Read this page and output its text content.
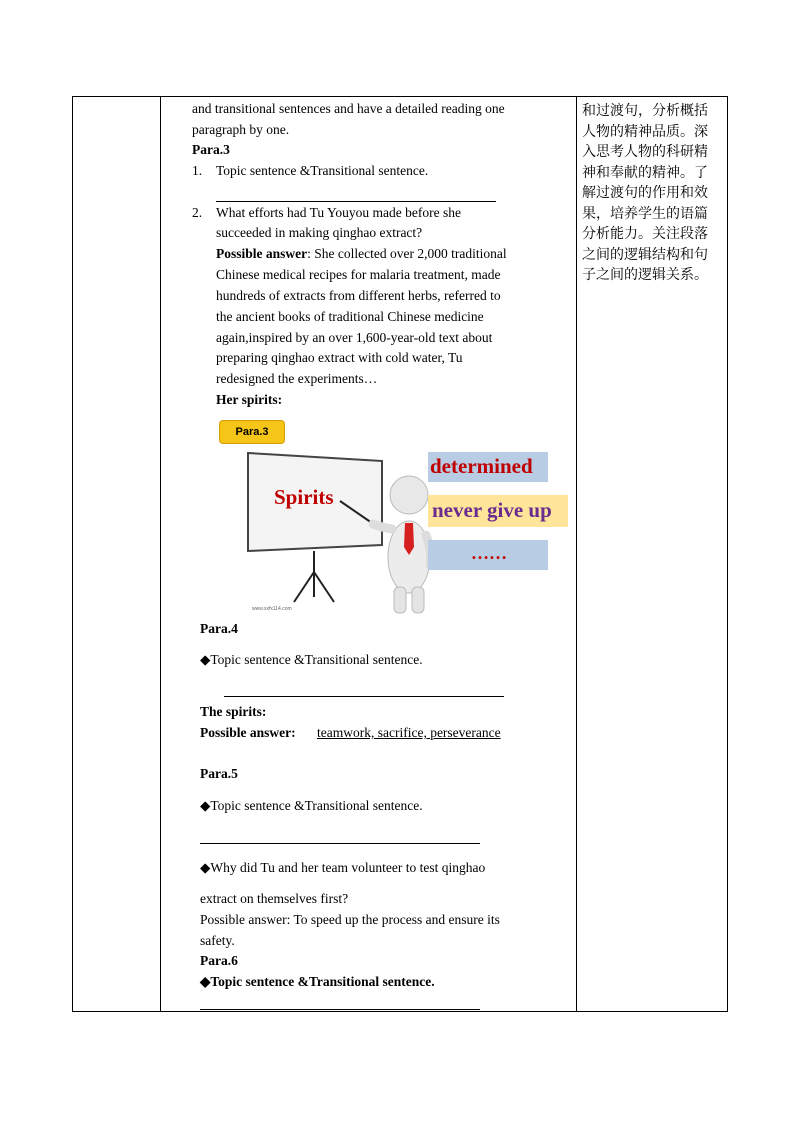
and transitional sentences and have a detailed reading one
paragraph by one.
Para.3
1. Topic sentence &Transitional sentence.
2. What efforts had Tu Youyou made before she
succeeded in making qinghao extract?
Possible answer: She collected over 2,000 traditional
Chinese medical recipes for malaria treatment, made
hundreds of extracts from different herbs, referred to
the ancient books of traditional Chinese medicine
again,inspired by an over 1,600-year-old text about
preparing qinghao extract with cold water, Tu
redesigned the experiments…
Her spirits:
Para.3
Spirits
www.sxfx114.com
determined
never give up
……
Para.4
◆Topic sentence &Transitional sentence.
The spirits:
Possible answer: teamwork, sacrifice, perseverance
Para.5
◆Topic sentence &Transitional sentence.
◆Why did Tu and her team volunteer to test qinghao
extract on themselves first?
Possible answer: To speed up the process and ensure its
safety.
Para.6
◆Topic sentence &Transitional sentence.
和过渡句，分析概括人物的精神品质。深入思考人物的科研精神和奉献的精神。了解过渡句的作用和效果，培养学生的语篇分析能力。关注段落之间的逻辑结构和句子之间的逻辑关系。
